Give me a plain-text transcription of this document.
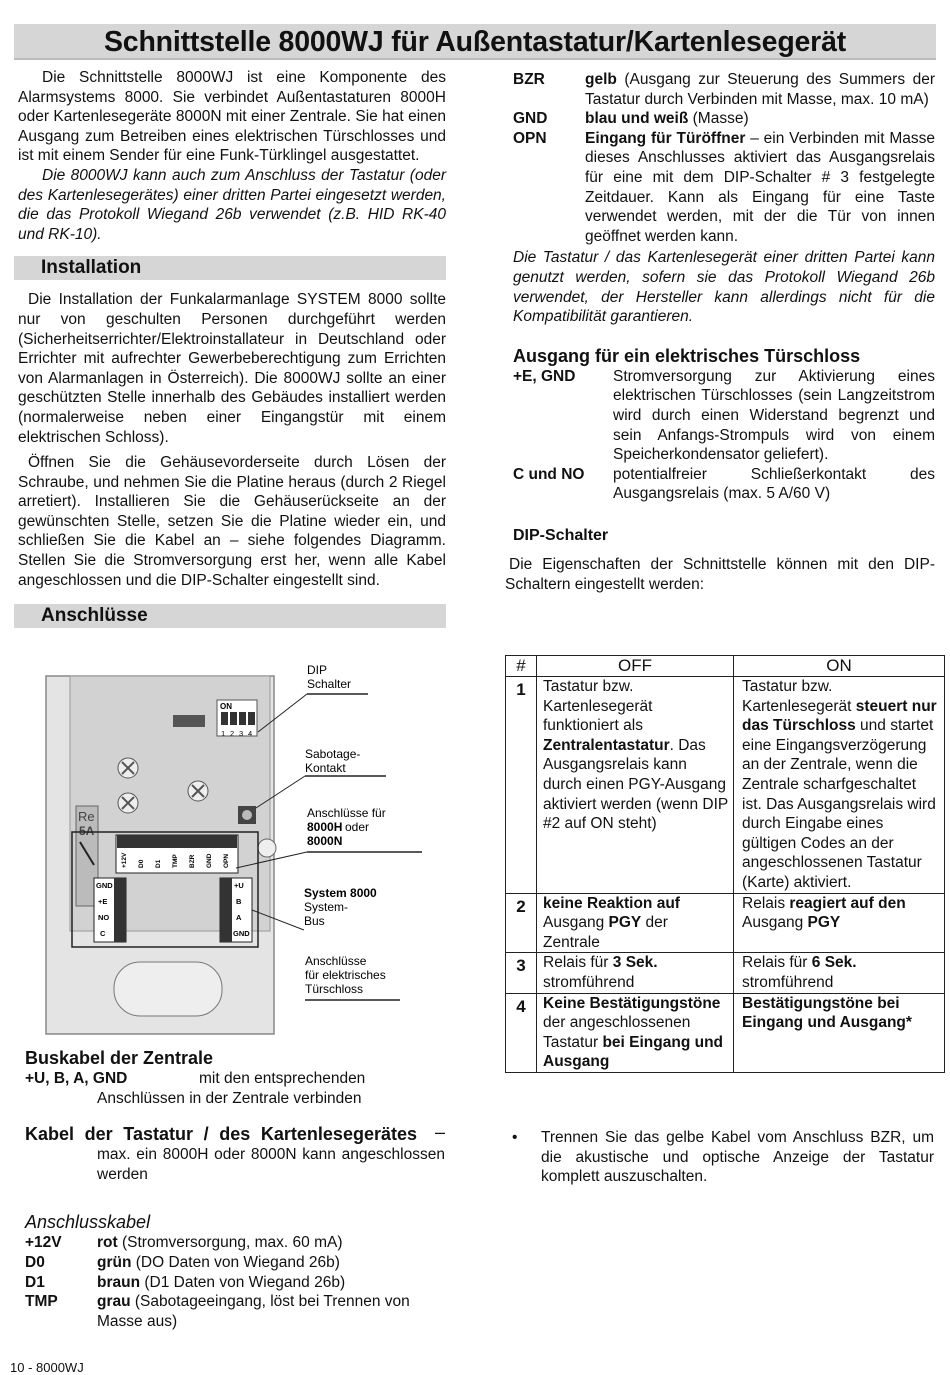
Schnittstelle 8000WJ für Außentastatur/Kartenlesegerät

Die Schnittstelle 8000WJ ist eine Komponente des Alarmsystems 8000. Sie verbindet Außentastaturen 8000H oder Kartenlesegeräte 8000N mit einer Zentrale. Sie hat einen Ausgang zum Betreiben eines elektrischen Türschlosses und ist mit einem Sender für eine Funk-Türklingel ausgestattet.

Die 8000WJ kann auch zum Anschluss der Tastatur (oder des Kartenlesegerätes) einer dritten Partei eingesetzt werden, die das Protokoll Wiegand 26b verwendet (z.B. HID RK-40 und RK-10).

Installation

Die Installation der Funkalarmanlage SYSTEM 8000 sollte nur von geschulten Personen durchgeführt werden (Sicherheitserrichter/Elektroinstallateur in Deutschland oder Errichter mit aufrechter Gewerbeberechtigung zum Errichten von Alarmanlagen in Österreich). Die 8000WJ sollte an einer geschützten Stelle innerhalb des Gebäudes installiert werden (normalerweise neben einer Eingangstür mit einem elektrischen Schloss).

Öffnen Sie die Gehäusevorderseite durch Lösen der Schraube, und nehmen Sie die Platine heraus (durch 2 Riegel arretiert). Installieren Sie die Gehäuserückseite an der gewünschten Stelle, setzen Sie die Platine wieder ein, und schließen Sie die Kabel an – siehe folgendes Diagramm. Stellen Sie die Stromversorgung erst her, wenn alle Kabel angeschlossen und die DIP-Schalter eingestellt sind.

Anschlüsse
ON
1 2 3 4
Re
5A
+12V D0 D1 TMP BZR GND OPN
GND
+E
NO
C
+U
B
A
GND
DIP Schalter
Sabotage-Kontakt
Anschlüsse für
8000H oder
8000N
System 8000
System-Bus
Anschlüsse für elektrisches Türschloss
Buskabel der Zentrale
+U, B, A, GND	mit den entsprechenden
Anschlüssen in der Zentrale verbinden
Kabel der Tastatur / des Kartenlesegerätes –

max. ein 8000H oder 8000N kann angeschlossen werden

Anschlusskabel
+12V	rot (Stromversorgung, max. 60 mA)
D0	grün (DO Daten von Wiegand 26b)
D1	braun (D1 Daten von Wiegand 26b)
TMP	grau (Sabotageeingang, löst bei Trennen von Masse aus)
BZR	gelb (Ausgang zur Steuerung des Summers der Tastatur durch Verbinden mit Masse, max. 10 mA)
GND	blau und weiß (Masse)
OPN	Eingang für Türöffner – ein Verbinden mit Masse dieses Anschlusses aktiviert das Ausgangsrelais für eine mit dem DIP-Schalter # 3 festgelegte Zeitdauer. Kann als Eingang für eine Taste verwendet werden, mit der die Tür von innen geöffnet werden kann.

Die Tastatur / das Kartenlesegerät einer dritten Partei kann genutzt werden, sofern sie das Protokoll Wiegand 26b verwendet, der Hersteller kann allerdings nicht für die Kompatibilität garantieren.

Ausgang für ein elektrisches Türschloss
+E, GND	Stromversorgung zur Aktivierung eines elektrischen Türschlosses (sein Langzeitstrom wird durch einen Widerstand begrenzt und sein Anfangs-Strompuls wird von einem Speicherkondensator geliefert).
C und NO	potentialfreier Schließerkontakt des Ausgangsrelais (max. 5 A/60 V)
DIP-Schalter

Die Eigenschaften der Schnittstelle können mit den DIP-Schaltern eingestellt werden:

#	OFF	ON
1	Tastatur bzw. Kartenlesegerät funktioniert als Zentralentastatur. Das Ausgangsrelais kann durch einen PGY-Ausgang aktiviert werden (wenn DIP #2 auf ON steht)	Tastatur bzw. Kartenlesegerät steuert nur das Türschloss und startet eine Eingangsverzögerung an der Zentrale, wenn die Zentrale scharfgeschaltet ist. Das Ausgangsrelais wird durch Eingabe eines gültigen Codes an der angeschlossenen Tastatur (Karte) aktiviert.
2	keine Reaktion auf Ausgang PGY der Zentrale	Relais reagiert auf den Ausgang PGY
3	Relais für 3 Sek. stromführend	Relais für 6 Sek. stromführend
4	Keine Bestätigungstöne der angeschlossenen Tastatur bei Eingang und Ausgang	Bestätigungstöne bei Eingang und Ausgang*
•	Trennen Sie das gelbe Kabel vom Anschluss BZR, um die akustische und optische Anzeige der Tastatur komplett auszuschalten.

10 - 8000WJ
